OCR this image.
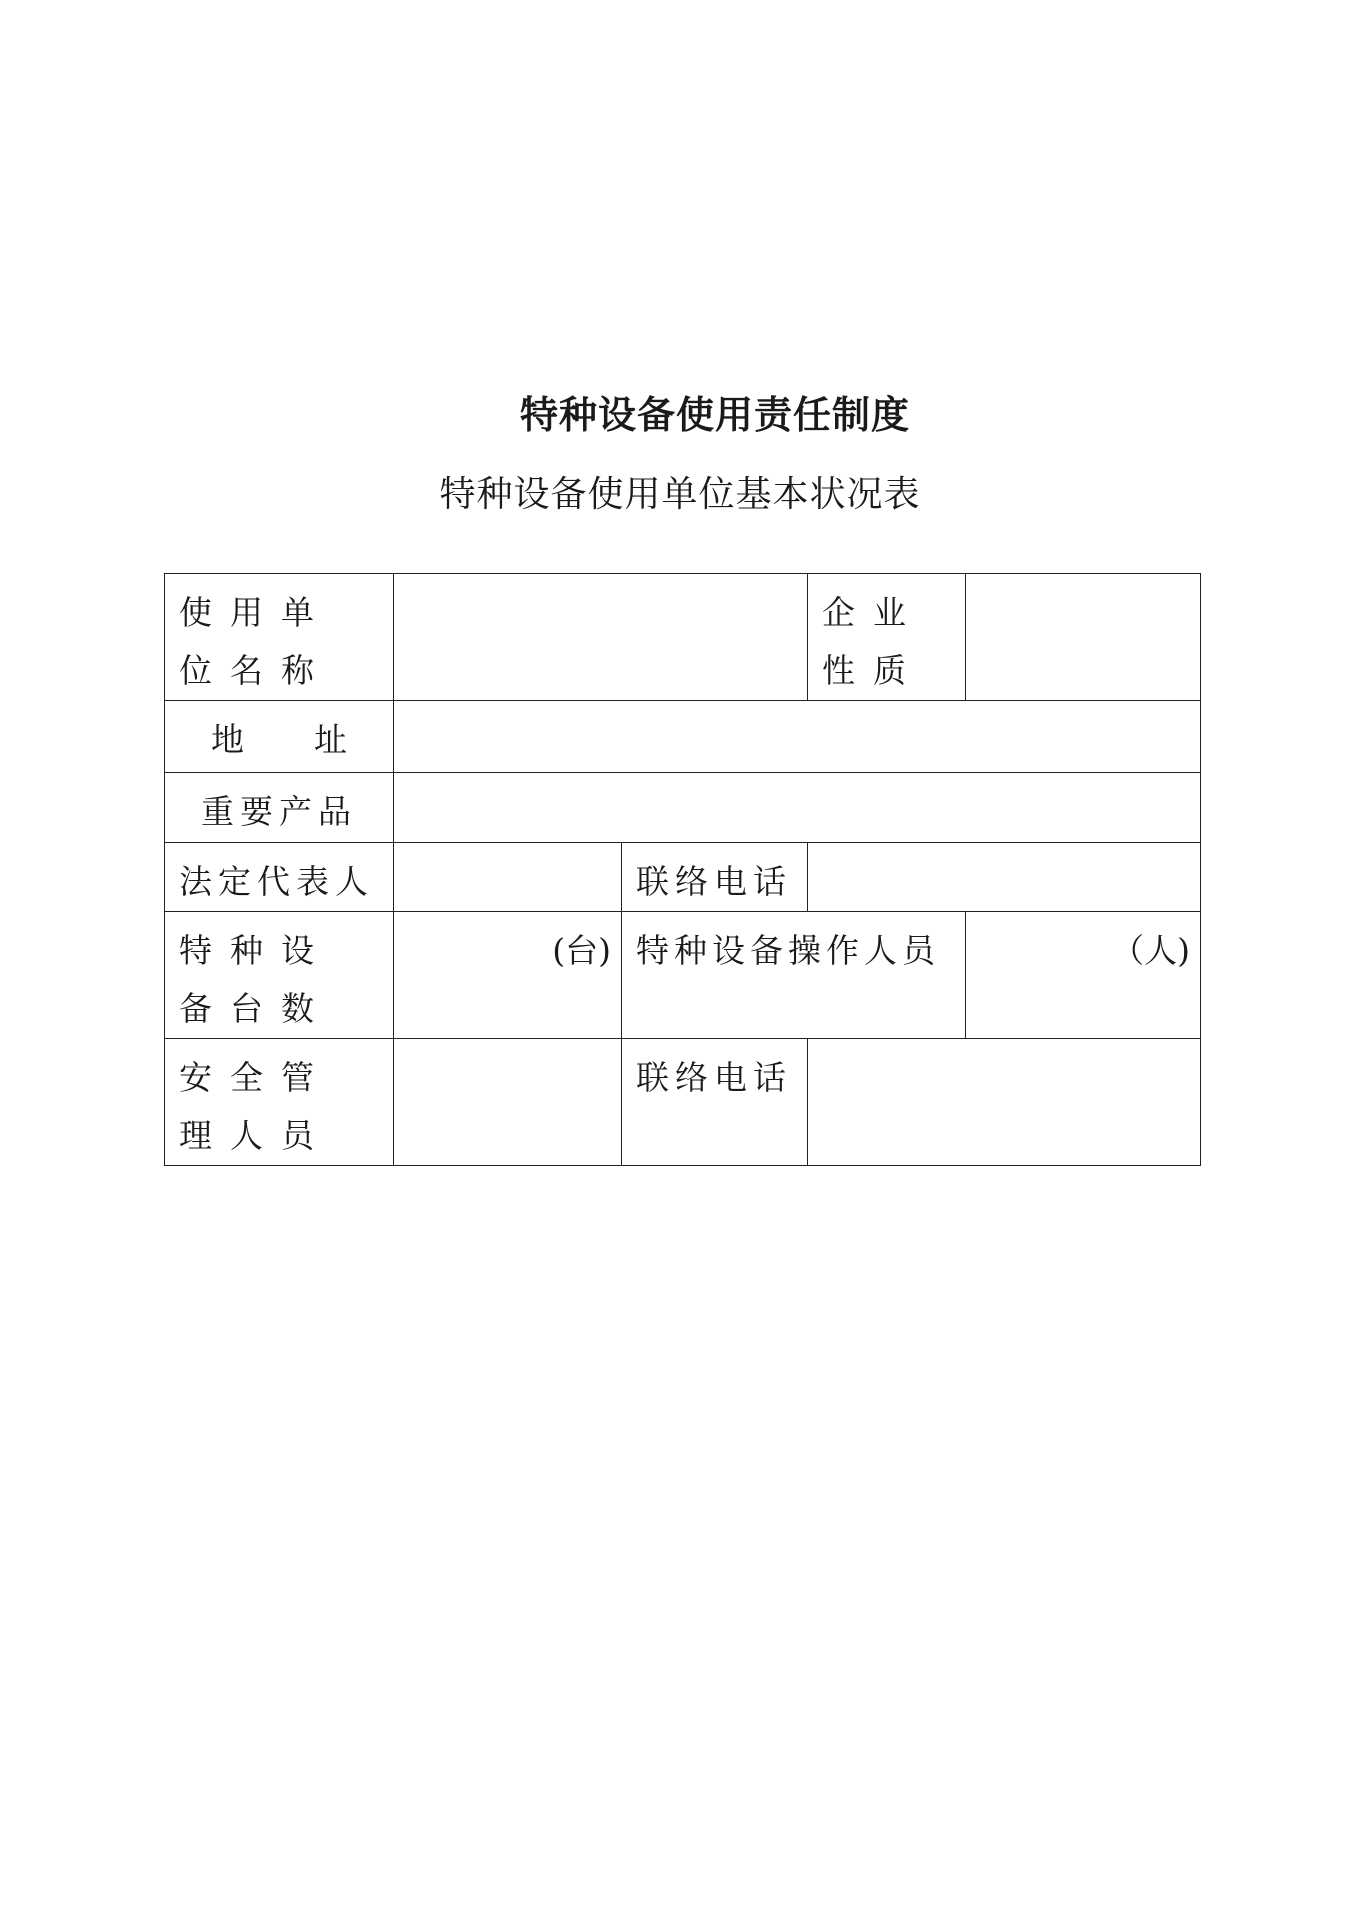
特种设备使用责任制度
特种设备使用单位基本状况表
使用单位名称			企业性质	
地 址				
重要产品				
法定代表人		联络电话		
特种设备台数	(台)	特种设备操作人员		（人)
安全管理人员		联络电话		
